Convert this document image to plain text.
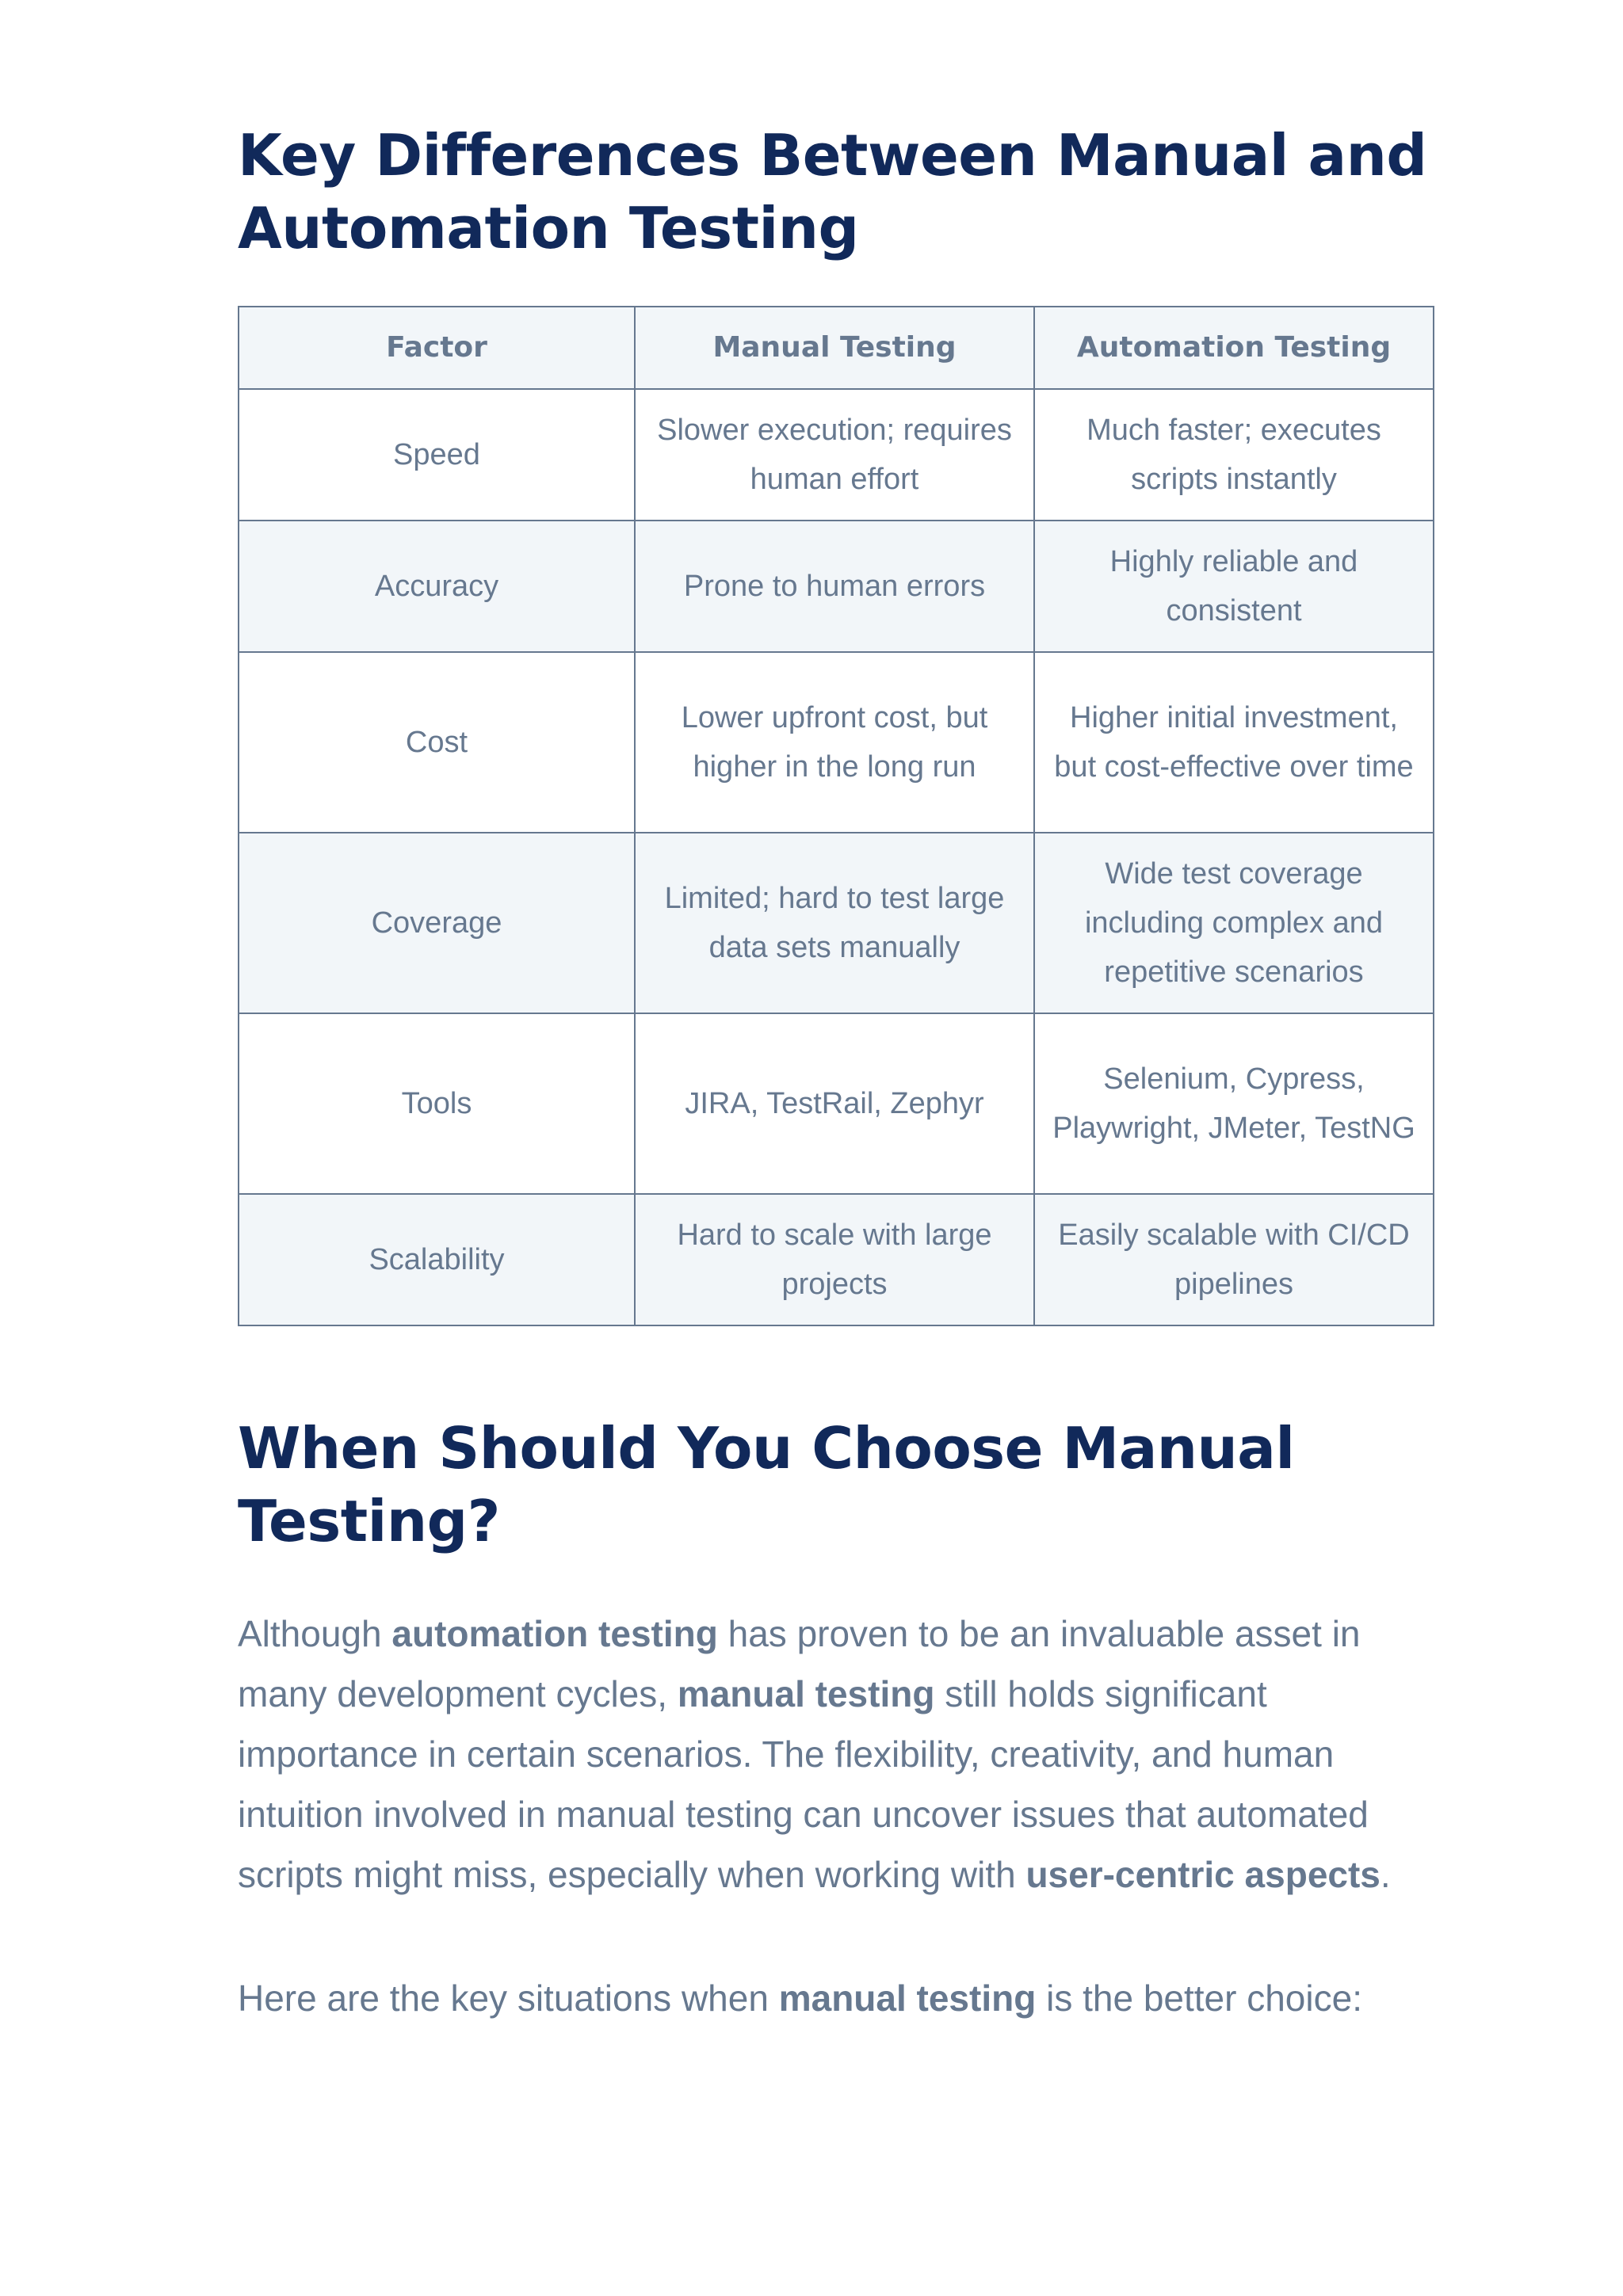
Key Differences Between Manual and Automation Testing
Factor	Manual Testing	Automation Testing
Speed	Slower execution; requires human effort	Much faster; executes scripts instantly
Accuracy	Prone to human errors	Highly reliable and consistent
Cost	Lower upfront cost, but higher in the long run	Higher initial investment, but cost-effective over time
Coverage	Limited; hard to test large data sets manually	Wide test coverage including complex and repetitive scenarios
Tools	JIRA, TestRail, Zephyr	Selenium, Cypress, Playwright, JMeter, TestNG
Scalability	Hard to scale with large projects	Easily scalable with CI/CD pipelines
When Should You Choose Manual Testing?

Although automation testing has proven to be an invaluable asset in many development cycles, manual testing still holds significant importance in certain scenarios. The flexibility, creativity, and human intuition involved in manual testing can uncover issues that automated scripts might miss, especially when working with user-centric aspects.

Here are the key situations when manual testing is the better choice:
